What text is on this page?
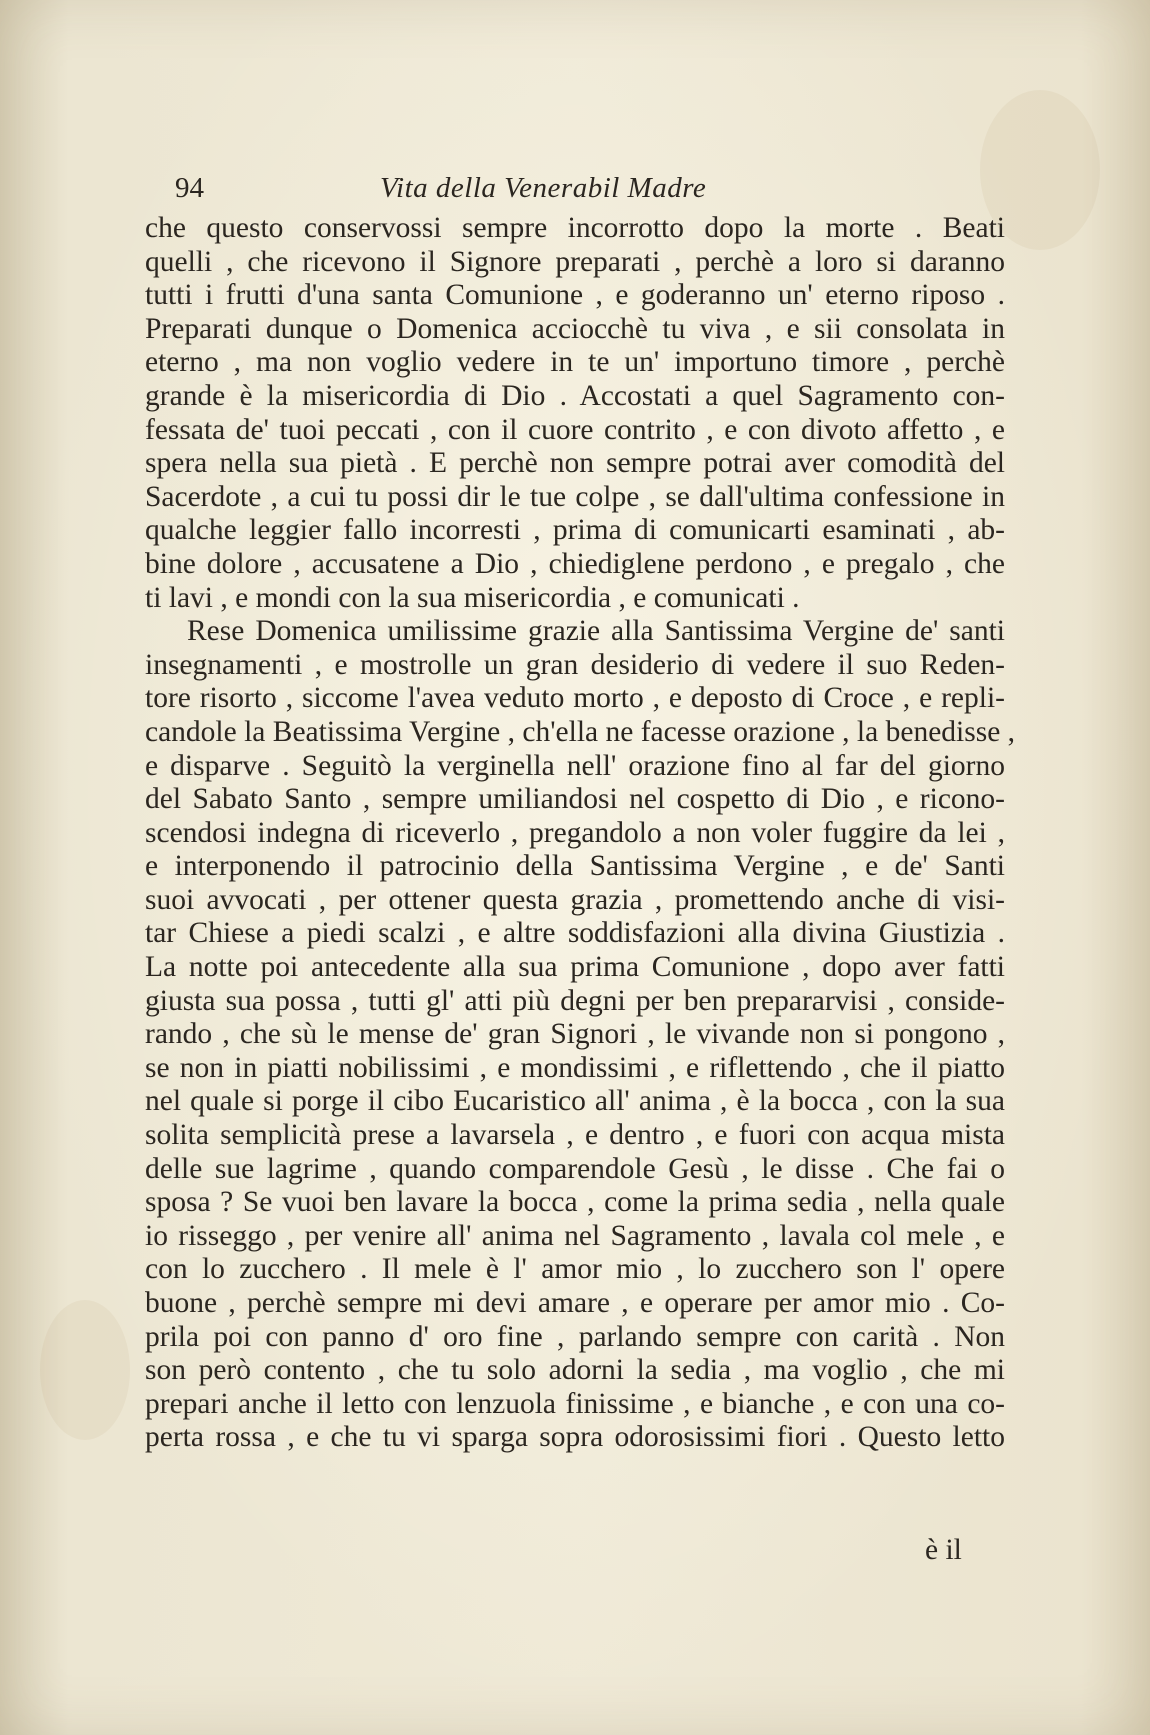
94	Vita della Venerabil Madre
che questo conservossi sempre incorrotto dopo la morte . Beati
quelli , che ricevono il Signore preparati , perchè a loro si daranno
tutti i frutti d'una santa Comunione , e goderanno un' eterno riposo .
Preparati dunque o Domenica acciocchè tu viva , e sii consolata in
eterno , ma non voglio vedere in te un' importuno timore , perchè
grande è la misericordia di Dio . Accostati a quel Sagramento con-
fessata de' tuoi peccati , con il cuore contrito , e con divoto affetto , e
spera nella sua pietà . E perchè non sempre potrai aver comodità del
Sacerdote , a cui tu possi dir le tue colpe , se dall'ultima confessione in
qualche leggier fallo incorresti , prima di comunicarti esaminati , ab-
bine dolore , accusatene a Dio , chiediglene perdono , e pregalo , che
ti lavi , e mondi con la sua misericordia , e comunicati .
Rese Domenica umilissime grazie alla Santissima Vergine de' santi
insegnamenti , e mostrolle un gran desiderio di vedere il suo Reden-
tore risorto , siccome l'avea veduto morto , e deposto di Croce , e repli-
candole la Beatissima Vergine , ch'ella ne facesse orazione , la benedisse ,
e disparve . Seguitò la verginella nell' orazione fino al far del giorno
del Sabato Santo , sempre umiliandosi nel cospetto di Dio , e ricono-
scendosi indegna di riceverlo , pregandolo a non voler fuggire da lei ,
e interponendo il patrocinio della Santissima Vergine , e de' Santi
suoi avvocati , per ottener questa grazia , promettendo anche di visi-
tar Chiese a piedi scalzi , e altre soddisfazioni alla divina Giustizia .
La notte poi antecedente alla sua prima Comunione , dopo aver fatti
giusta sua possa , tutti gl' atti più degni per ben prepararvisi , conside-
rando , che sù le mense de' gran Signori , le vivande non si pongono ,
se non in piatti nobilissimi , e mondissimi , e riflettendo , che il piatto
nel quale si porge il cibo Eucaristico all' anima , è la bocca , con la sua
solita semplicità prese a lavarsela , e dentro , e fuori con acqua mista
delle sue lagrime , quando comparendole Gesù , le disse . Che fai o
sposa ? Se vuoi ben lavare la bocca , come la prima sedia , nella quale
io risseggo , per venire all' anima nel Sagramento , lavala col mele , e
con lo zucchero . Il mele è l' amor mio , lo zucchero son l' opere
buone , perchè sempre mi devi amare , e operare per amor mio . Co-
prila poi con panno d' oro fine , parlando sempre con carità . Non
son però contento , che tu solo adorni la sedia , ma voglio , che mi
prepari anche il letto con lenzuola finissime , e bianche , e con una co-
perta rossa , e che tu vi sparga sopra odorosissimi fiori . Questo letto
è il
